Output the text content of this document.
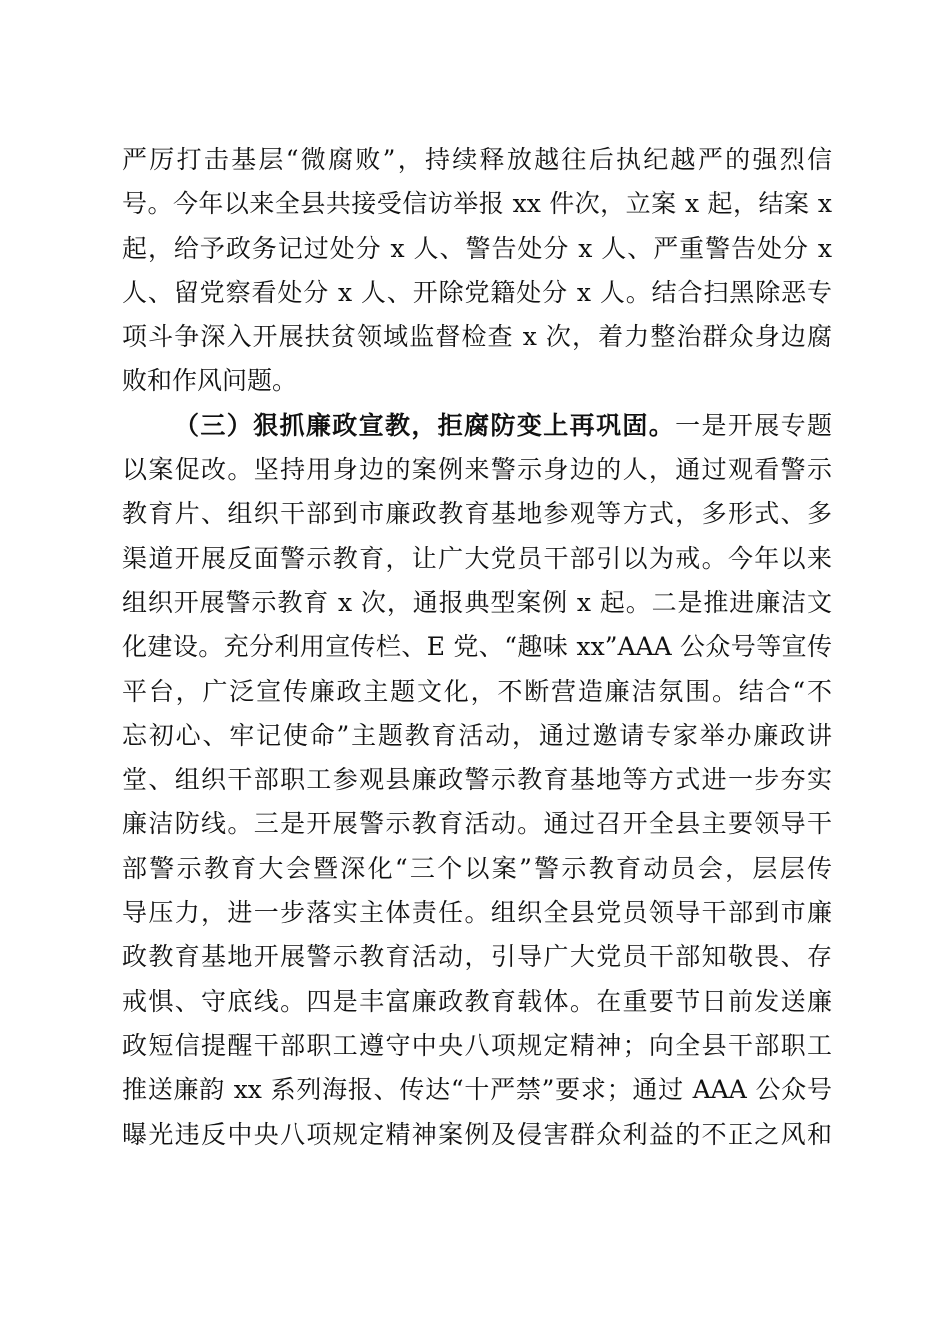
严厉打击基层“微腐败”，持续释放越往后执纪越严的强烈信
号。今年以来全县共接受信访举报 xx 件次，立案 x 起，结案 x
起，给予政务记过处分 x 人、警告处分 x 人、严重警告处分 x
人、留党察看处分 x 人、开除党籍处分 x 人。结合扫黑除恶专
项斗争深入开展扶贫领域监督检查 x 次，着力整治群众身边腐
败和作风问题。
（三）狠抓廉政宣教，拒腐防变上再巩固。一是开展专题
以案促改。坚持用身边的案例来警示身边的人，通过观看警示
教育片、组织干部到市廉政教育基地参观等方式，多形式、多
渠道开展反面警示教育，让广大党员干部引以为戒。今年以来
组织开展警示教育 x 次，通报典型案例 x 起。二是推进廉洁文
化建设。充分利用宣传栏、E 党、“趣味 xx”AAA 公众号等宣传
平台，广泛宣传廉政主题文化，不断营造廉洁氛围。结合“不
忘初心、牢记使命”主题教育活动，通过邀请专家举办廉政讲
堂、组织干部职工参观县廉政警示教育基地等方式进一步夯实
廉洁防线。三是开展警示教育活动。通过召开全县主要领导干
部警示教育大会暨深化“三个以案”警示教育动员会，层层传
导压力，进一步落实主体责任。组织全县党员领导干部到市廉
政教育基地开展警示教育活动，引导广大党员干部知敬畏、存
戒惧、守底线。四是丰富廉政教育载体。在重要节日前发送廉
政短信提醒干部职工遵守中央八项规定精神；向全县干部职工
推送廉韵 xx 系列海报、传达“十严禁”要求；通过 AAA 公众号
曝光违反中央八项规定精神案例及侵害群众利益的不正之风和
